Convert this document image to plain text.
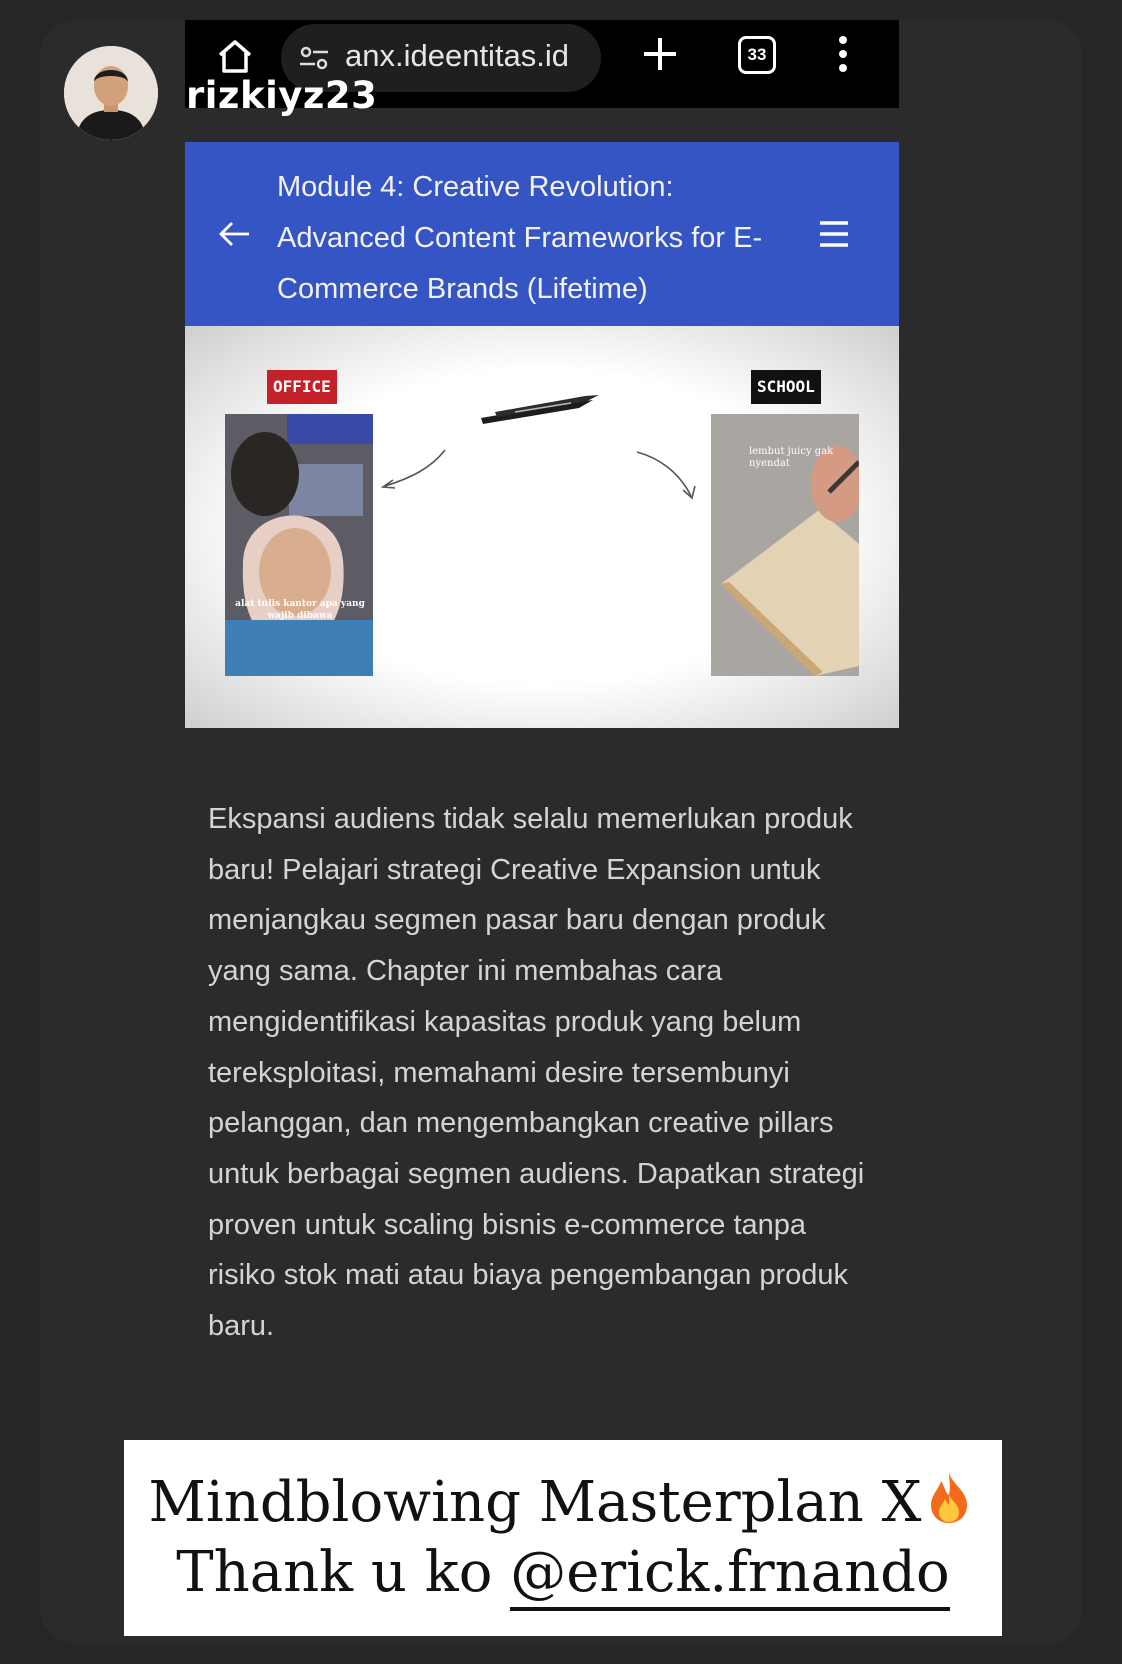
rizkiyz23
anx.ideentitas.id	33
Module 4: Creative Revolution: Advanced Content Frameworks for E-Commerce Brands (Lifetime)
OFFICE	SCHOOL
alat tulis kantor apa yang wajib dibawa
lembut juicy gak nyendat
Ekspansi audiens tidak selalu memerlukan produk baru! Pelajari strategi Creative Expansion untuk menjangkau segmen pasar baru dengan produk yang sama. Chapter ini membahas cara mengidentifikasi kapasitas produk yang belum tereksploitasi, memahami desire tersembunyi pelanggan, dan mengembangkan creative pillars untuk berbagai segmen audiens. Dapatkan strategi proven untuk scaling bisnis e-commerce tanpa risiko stok mati atau biaya pengembangan produk baru.
Mindblowing Masterplan X
Thank u ko @erick.frnando
